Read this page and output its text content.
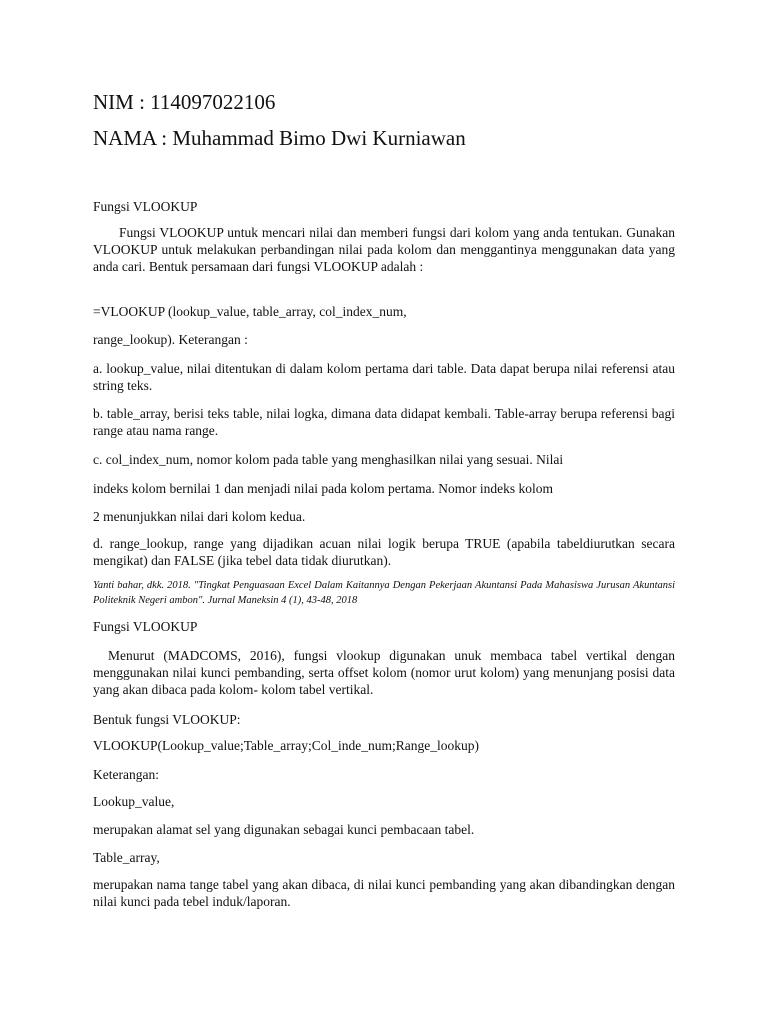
NIM : 114097022106
NAMA : Muhammad Bimo Dwi Kurniawan

Fungsi VLOOKUP

Fungsi VLOOKUP untuk mencari nilai dan memberi fungsi dari kolom yang anda tentukan. Gunakan VLOOKUP untuk melakukan perbandingan nilai pada kolom dan menggantinya menggunakan data yang anda cari. Bentuk persamaan dari fungsi VLOOKUP adalah :

=VLOOKUP (lookup_value, table_array, col_index_num,

range_lookup). Keterangan :

a. lookup_value, nilai ditentukan di dalam kolom pertama dari table. Data dapat berupa nilai referensi atau string teks.

b. table_array, berisi teks table, nilai logka, dimana data didapat kembali. Table-array berupa referensi bagi range atau nama range.

c. col_index_num, nomor kolom pada table yang menghasilkan nilai yang sesuai. Nilai

indeks kolom bernilai 1 dan menjadi nilai pada kolom pertama. Nomor indeks kolom

2 menunjukkan nilai dari kolom kedua.

d. range_lookup, range yang dijadikan acuan nilai logik berupa TRUE (apabila tabeldiurutkan secara mengikat) dan FALSE (jika tebel data tidak diurutkan).

Yanti bahar, dkk. 2018. "Tingkat Penguasaan Excel Dalam Kaitannya Dengan Pekerjaan Akuntansi Pada Mahasiswa Jurusan Akuntansi Politeknik Negeri ambon". Jurnal Maneksin 4 (1), 43-48, 2018

Fungsi VLOOKUP

Menurut (MADCOMS, 2016), fungsi vlookup digunakan unuk membaca tabel vertikal dengan menggunakan nilai kunci pembanding, serta offset kolom (nomor urut kolom) yang menunjang posisi data yang akan dibaca pada kolom- kolom tabel vertikal.

Bentuk fungsi VLOOKUP:

VLOOKUP(Lookup_value;Table_array;Col_inde_num;Range_lookup)

Keterangan:

Lookup_value,

merupakan alamat sel yang digunakan sebagai kunci pembacaan tabel.

Table_array,

merupakan nama tange tabel yang akan dibaca, di nilai kunci pembanding yang akan dibandingkan dengan nilai kunci pada tebel induk/laporan.
